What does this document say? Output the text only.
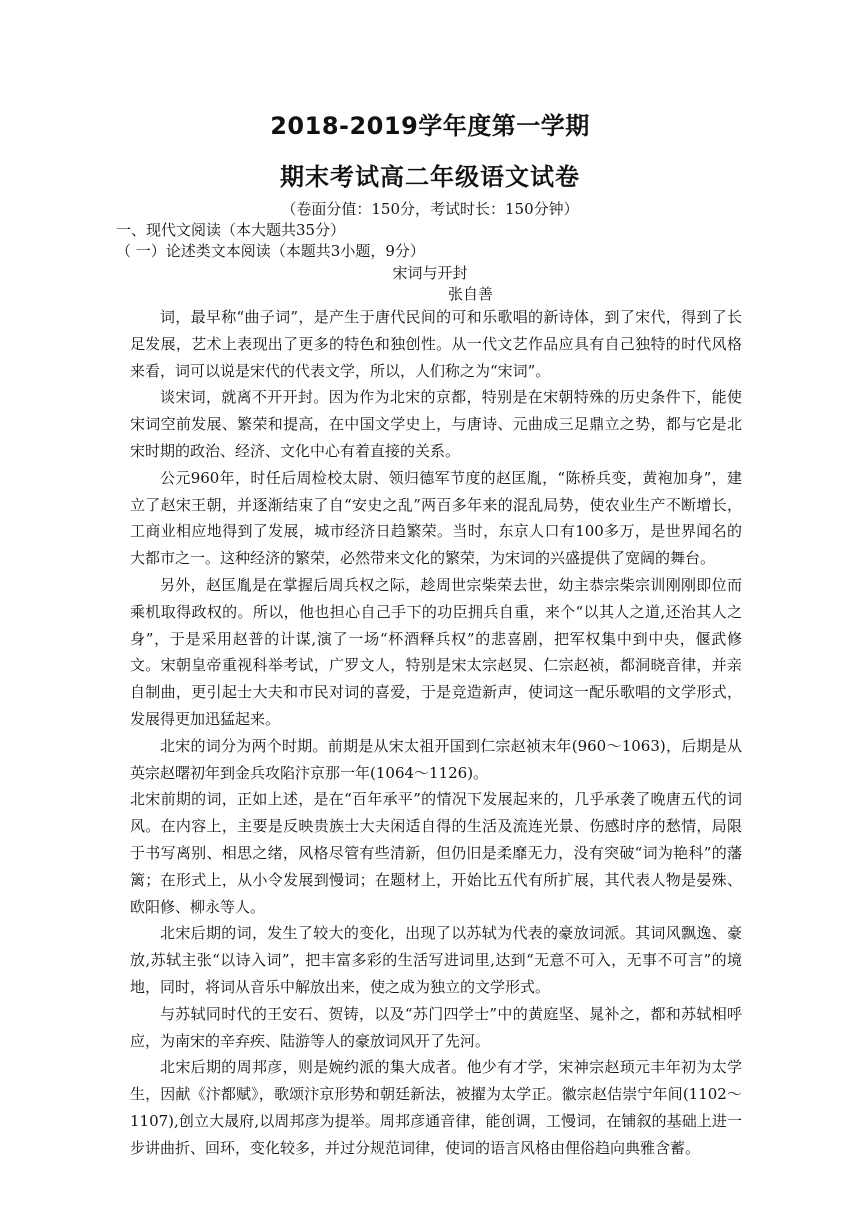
2018-2019学年度第一学期
期末考试高二年级语文试卷
（卷面分值：150分，考试时长：150分钟）
一、现代文阅读（本大题共35分）
（ 一）论述类文本阅读（本题共3小题，9分）
宋词与开封
张自善

词，最早称“曲子词”，是产生于唐代民间的可和乐歌唱的新诗体，到了宋代，得到了长足发展，艺术上表现出了更多的特色和独创性。从一代文艺作品应具有自己独特的时代风格来看，词可以说是宋代的代表文学，所以，人们称之为“宋词”。

谈宋词，就离不开开封。因为作为北宋的京都，特别是在宋朝特殊的历史条件下，能使宋词空前发展、繁荣和提高，在中国文学史上，与唐诗、元曲成三足鼎立之势，都与它是北宋时期的政治、经济、文化中心有着直接的关系。

公元960年，时任后周检校太尉、领归德军节度的赵匡胤，“陈桥兵变，黄袍加身”，建立了赵宋王朝，并逐渐结束了自“安史之乱”两百多年来的混乱局势，使农业生产不断增长，工商业相应地得到了发展，城市经济日趋繁荣。当时，东京人口有100多万，是世界闻名的大都市之一。这种经济的繁荣，必然带来文化的繁荣，为宋词的兴盛提供了宽阔的舞台。

另外，赵匡胤是在掌握后周兵权之际，趁周世宗柴荣去世，幼主恭宗柴宗训刚刚即位而乘机取得政权的。所以，他也担心自己手下的功臣拥兵自重，来个“以其人之道,还治其人之身”，于是采用赵普的计谋,演了一场“杯酒释兵权”的悲喜剧，把军权集中到中央，偃武修文。宋朝皇帝重视科举考试，广罗文人，特别是宋太宗赵炅、仁宗赵祯，都洞晓音律，并亲自制曲，更引起士大夫和市民对词的喜爱，于是竞造新声，使词这一配乐歌唱的文学形式，发展得更加迅猛起来。

北宋的词分为两个时期。前期是从宋太祖开国到仁宗赵祯末年(960～1063)，后期是从英宗赵曙初年到金兵攻陷汴京那一年(1064～1126)。

北宋前期的词，正如上述，是在“百年承平”的情况下发展起来的，几乎承袭了晚唐五代的词风。在内容上，主要是反映贵族士大夫闲适自得的生活及流连光景、伤感时序的愁情，局限于书写离别、相思之绪，风格尽管有些清新，但仍旧是柔靡无力，没有突破“词为艳科”的藩篱；在形式上，从小令发展到慢词；在题材上，开始比五代有所扩展，其代表人物是晏殊、欧阳修、柳永等人。

北宋后期的词，发生了较大的变化，出现了以苏轼为代表的豪放词派。其词风飘逸、豪放,苏轼主张“以诗入词”，把丰富多彩的生活写进词里,达到“无意不可入，无事不可言”的境地，同时，将词从音乐中解放出来，使之成为独立的文学形式。

与苏轼同时代的王安石、贺铸，以及“苏门四学士”中的黄庭坚、晁补之，都和苏轼相呼应，为南宋的辛弃疾、陆游等人的豪放词风开了先河。

北宋后期的周邦彦，则是婉约派的集大成者。他少有才学，宋神宗赵顼元丰年初为太学生，因献《汴都赋》，歌颂汴京形势和朝廷新法，被擢为太学正。徽宗赵佶崇宁年间(1102～1107),创立大晟府,以周邦彦为提举。周邦彦通音律，能创调，工慢词，在铺叙的基础上进一步讲曲折、回环，变化较多，并过分规范词律，使词的语言风格由俚俗趋向典雅含蓄。
